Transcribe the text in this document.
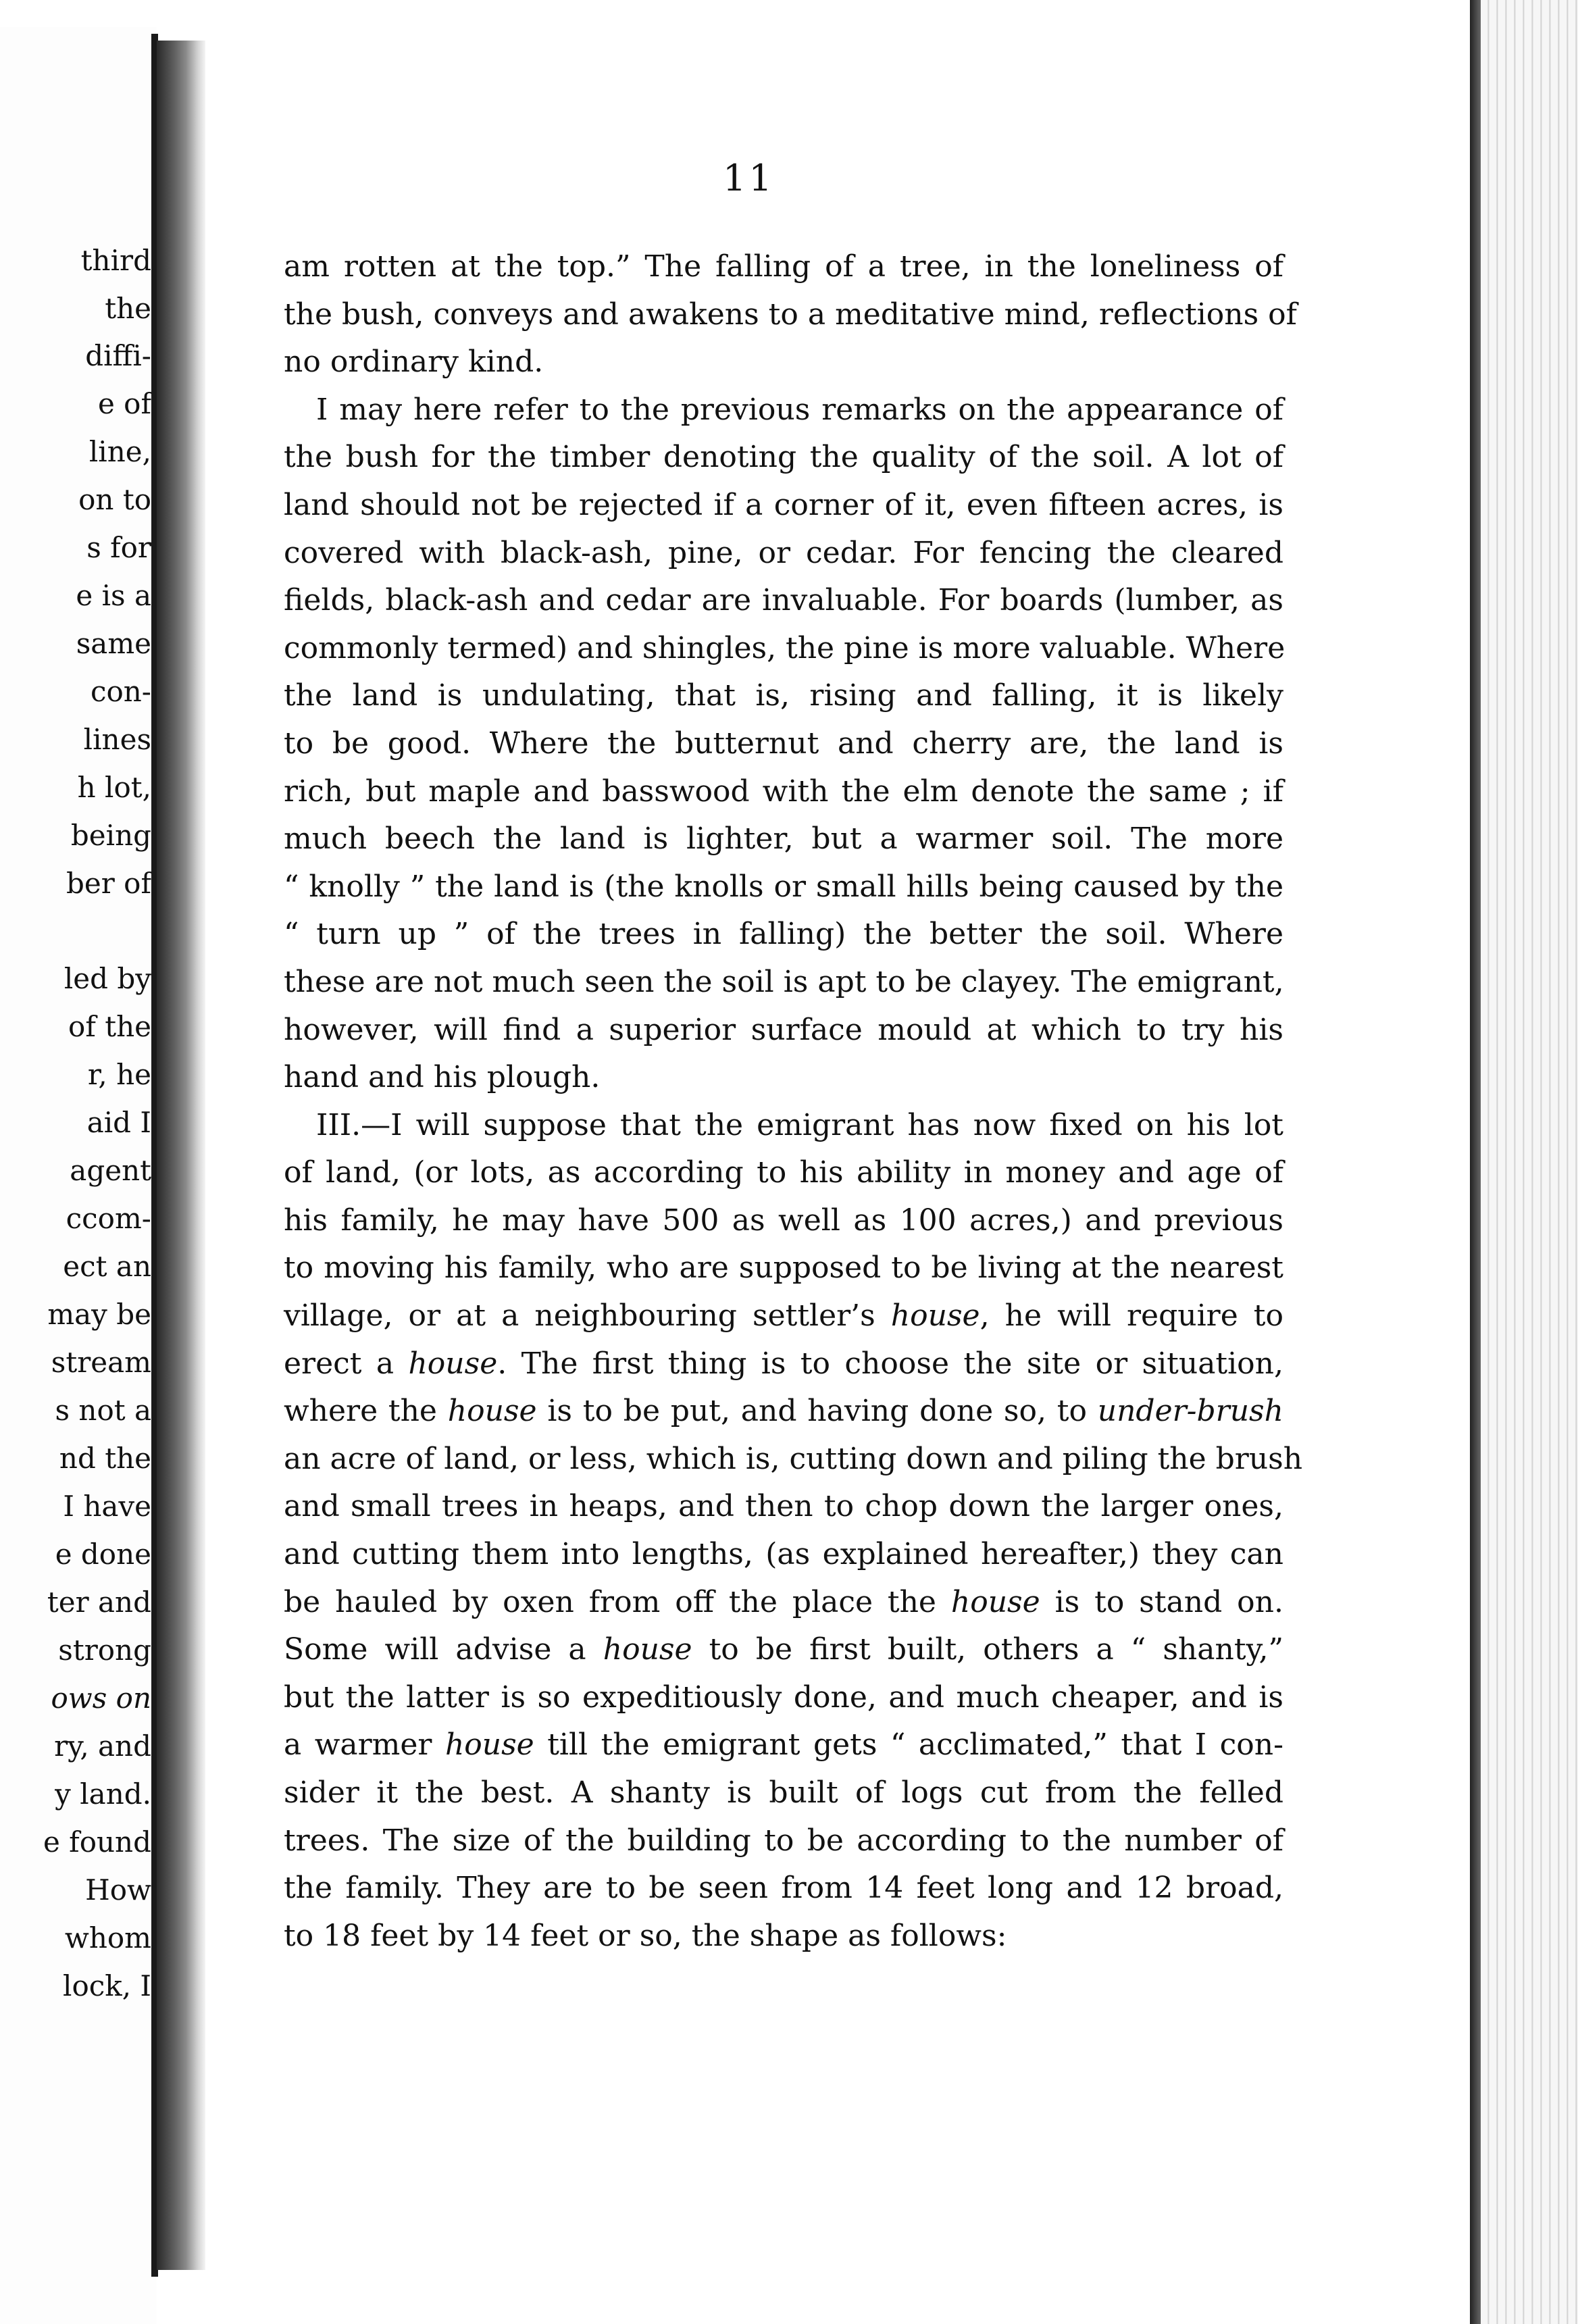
third
the
diffi-
e of
line,
on to
s for
e is a
same
con-
lines
h lot,
being
ber of
led by
of the
r, he
aid I
agent
ccom-
ect an
may be
stream
s not a
nd the
I have
e done
ter and
strong
ows on
ry, and
y land.
e found
How
whom
lock, I
11
am rotten at the top.” The falling of a tree, in the loneliness of
the bush, conveys and awakens to a meditative mind, reflections of
no ordinary kind.
I may here refer to the previous remarks on the appearance of
the bush for the timber denoting the quality of the soil. A lot of
land should not be rejected if a corner of it, even fifteen acres, is
covered with black-ash, pine, or cedar. For fencing the cleared
fields, black-ash and cedar are invaluable. For boards (lumber, as
commonly termed) and shingles, the pine is more valuable. Where
the land is undulating, that is, rising and falling, it is likely
to be good. Where the butternut and cherry are, the land is
rich, but maple and basswood with the elm denote the same ; if
much beech the land is lighter, but a warmer soil. The more
“ knolly ” the land is (the knolls or small hills being caused by the
“ turn up ” of the trees in falling) the better the soil. Where
these are not much seen the soil is apt to be clayey. The emigrant,
however, will find a superior surface mould at which to try his
hand and his plough.
III.—I will suppose that the emigrant has now fixed on his lot
of land, (or lots, as according to his ability in money and age of
his family, he may have 500 as well as 100 acres,) and previous
to moving his family, who are supposed to be living at the nearest
village, or at a neighbouring settler’s house, he will require to
erect a house. The first thing is to choose the site or situation,
where the house is to be put, and having done so, to under-brush
an acre of land, or less, which is, cutting down and piling the brush
and small trees in heaps, and then to chop down the larger ones,
and cutting them into lengths, (as explained hereafter,) they can
be hauled by oxen from off the place the house is to stand on.
Some will advise a house to be first built, others a “ shanty,”
but the latter is so expeditiously done, and much cheaper, and is
a warmer house till the emigrant gets “ acclimated,” that I con-
sider it the best. A shanty is built of logs cut from the felled
trees. The size of the building to be according to the number of
the family. They are to be seen from 14 feet long and 12 broad,
to 18 feet by 14 feet or so, the shape as follows:
